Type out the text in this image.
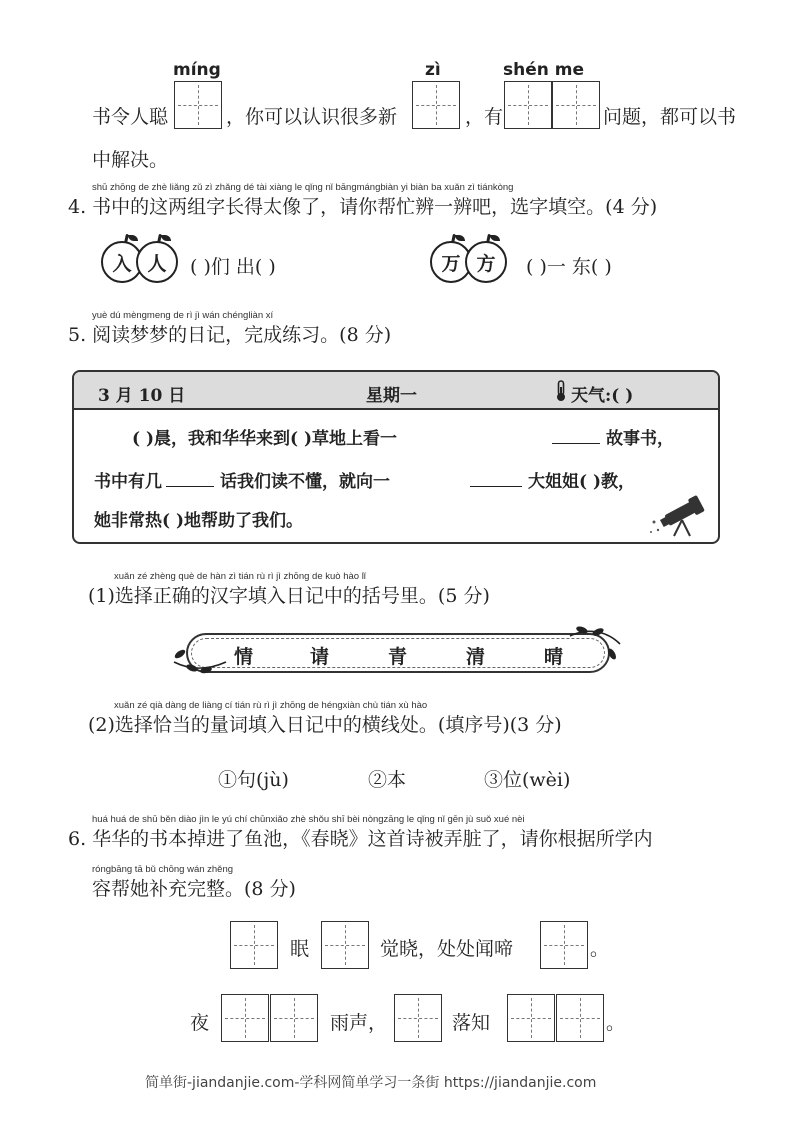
míng	zì	shén me
书令人聪	，你可以认识很多新	，有	问题，都可以书
中解决。
shū zhōng de zhè liǎng zǔ zì zhǎng dé tài xiàng le qǐng nǐ bāngmángbiàn yi biàn ba xuǎn zì tiánkòng
4. 书中的这两组字长得太像了，请你帮忙辨一辨吧，选字填空。(4 分)
入 人	( )们 出( )	万 方	( )一 东( )
yuè dú mèngmeng de rì jì wán chéngliàn xí
5. 阅读梦梦的日记，完成练习。(8 分)
3 月 10 日	星期一	天气:( )
( )晨，我和华华来到( )草地上看一	故事书，
书中有几	话我们读不懂，就向一	大姐姐( )教，
她非常热( )地帮助了我们。
xuǎn zé zhèng què de hàn zì tián rù rì jì zhōng de kuò hào lǐ
(1)选择正确的汉字填入日记中的括号里。(5 分)
情	请	青	清	晴
xuǎn zé qià dàng de liàng cí tián rù rì jì zhōng de héngxiàn chù tián xù hào
(2)选择恰当的量词填入日记中的横线处。(填序号)(3 分)
①句(jù)	②本	③位(wèi)
huá huá de shū běn diào jìn le yú chí chūnxiǎo zhè shǒu shī bèi nòngzāng le qǐng nǐ gēn jù suǒ xué nèi
6. 华华的书本掉进了鱼池，《春晓》这首诗被弄脏了，请你根据所学内
róngbāng tā bǔ chōng wán zhěng
容帮她补充完整。(8 分)
眠	觉晓，处处闻啼	。
夜	雨声，	落知	。
简单街-jiandanjie.com-学科网简单学习一条街 https://jiandanjie.com
